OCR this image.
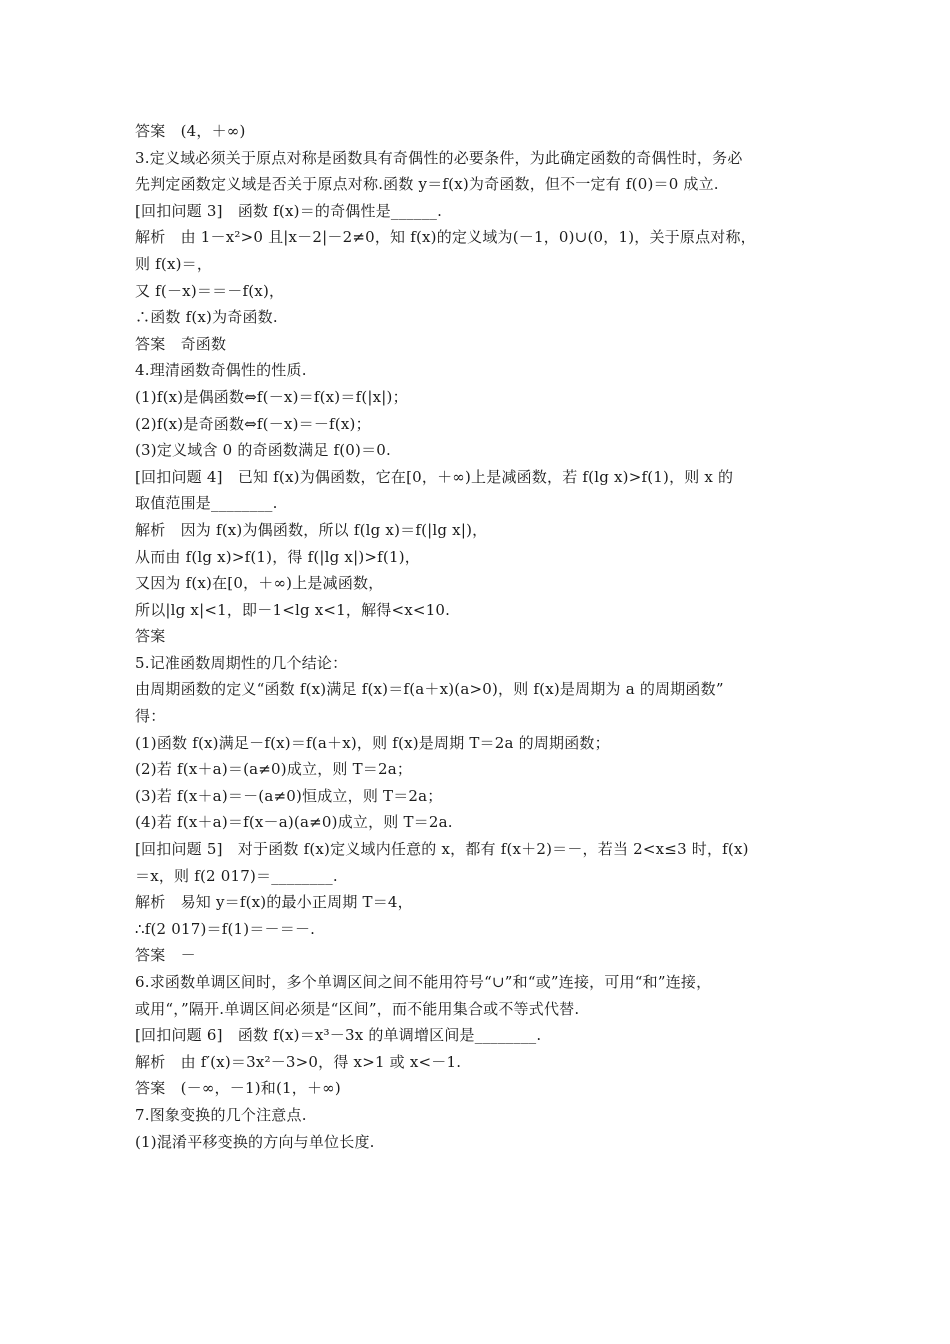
答案　(4，＋∞)
3.定义域必须关于原点对称是函数具有奇偶性的必要条件，为此确定函数的奇偶性时，务必
先判定函数定义域是否关于原点对称.函数 y＝f(x)为奇函数，但不一定有 f(0)＝0 成立.
[回扣问题 3]　函数 f(x)＝的奇偶性是______.
解析　由 1－x²>0 且|x－2|－2≠0，知 f(x)的定义域为(－1，0)∪(0，1)，关于原点对称，
则 f(x)＝，
又 f(－x)＝＝－f(x)，
∴函数 f(x)为奇函数.
答案　奇函数
4.理清函数奇偶性的性质.
(1)f(x)是偶函数⇔f(－x)＝f(x)＝f(|x|)；
(2)f(x)是奇函数⇔f(－x)＝－f(x)；
(3)定义域含 0 的奇函数满足 f(0)＝0.
[回扣问题 4]　已知 f(x)为偶函数，它在[0，＋∞)上是减函数，若 f(lg x)>f(1)，则 x 的
取值范围是________.
解析　因为 f(x)为偶函数，所以 f(lg x)＝f(|lg x|)，
从而由 f(lg x)>f(1)，得 f(|lg x|)>f(1)，
又因为 f(x)在[0，＋∞)上是减函数，
所以|lg x|<1，即－1<lg x<1，解得<x<10.
答案
5.记准函数周期性的几个结论：
由周期函数的定义“函数 f(x)满足 f(x)＝f(a＋x)(a>0)，则 f(x)是周期为 a 的周期函数”
得：
(1)函数 f(x)满足－f(x)＝f(a＋x)，则 f(x)是周期 T＝2a 的周期函数；
(2)若 f(x＋a)＝(a≠0)成立，则 T＝2a；
(3)若 f(x＋a)＝－(a≠0)恒成立，则 T＝2a；
(4)若 f(x＋a)＝f(x－a)(a≠0)成立，则 T＝2a.
[回扣问题 5]　对于函数 f(x)定义域内任意的 x，都有 f(x＋2)＝－，若当 2<x≤3 时，f(x)
＝x，则 f(2 017)＝________.
解析　易知 y＝f(x)的最小正周期 T＝4，
∴f(2 017)＝f(1)＝－＝－.
答案　－
6.求函数单调区间时，多个单调区间之间不能用符号“∪”和“或”连接，可用“和”连接，
或用“，”隔开.单调区间必须是“区间”，而不能用集合或不等式代替.
[回扣问题 6]　函数 f(x)＝x³－3x 的单调增区间是________.
解析　由 f′(x)＝3x²－3>0，得 x>1 或 x<－1.
答案　(－∞，－1)和(1，＋∞)
7.图象变换的几个注意点.
(1)混淆平移变换的方向与单位长度.
